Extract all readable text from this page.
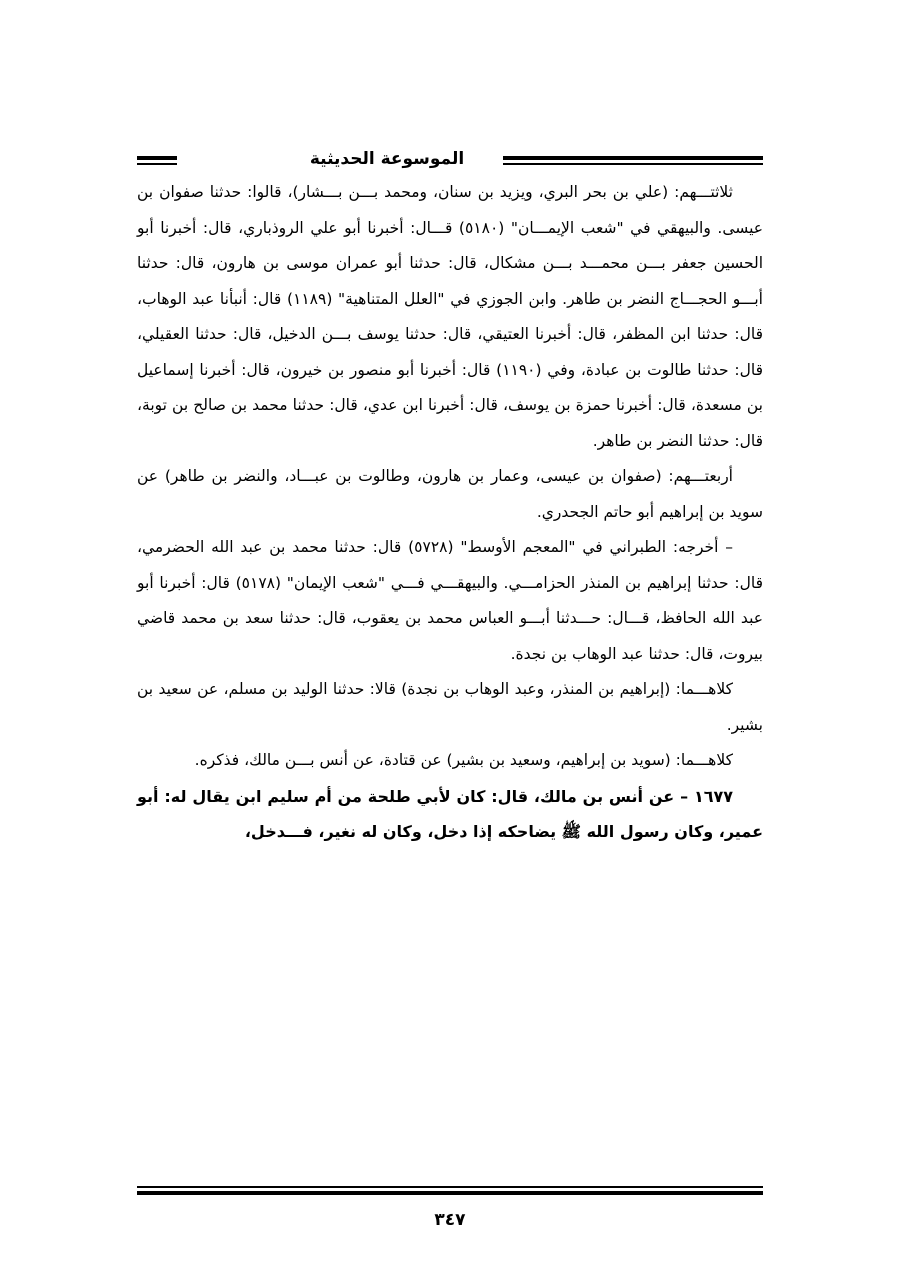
الموسوعة الحديثية

ثلاثتـــهم: (علي بن بحر البري، ويزيد بن سنان، ومحمد بـــن بـــشار)، قالوا: حدثنا صفوان بن عيسى. والبيهقي في "شعب الإيمـــان" (٥١٨٠) قـــال: أخبرنا أبو علي الروذباري، قال: أخبرنا أبو الحسين جعفر بـــن محمـــد بـــن مشكال، قال: حدثنا أبو عمران موسى بن هارون، قال: حدثنا أبـــو الحجـــاج النضر بن طاهر. وابن الجوزي في "العلل المتناهية" (١١٨٩) قال: أنبأنا عبد الوهاب، قال: حدثنا ابن المظفر، قال: أخبرنا العتيقي، قال: حدثنا يوسف بـــن الدخيل، قال: حدثنا العقيلي، قال: حدثنا طالوت بن عبادة، وفي (١١٩٠) قال: أخبرنا أبو منصور بن خيرون، قال: أخبرنا إسماعيل بن مسعدة، قال: أخبرنا حمزة بن يوسف، قال: أخبرنا ابن عدي، قال: حدثنا محمد بن صالح بن توبة، قال: حدثنا النضر بن طاهر.

أربعتـــهم: (صفوان بن عيسى، وعمار بن هارون، وطالوت بن عبـــاد، والنضر بن طاهر) عن سويد بن إبراهيم أبو حاتم الجحدري.

– أخرجه: الطبراني في "المعجم الأوسط" (٥٧٢٨) قال: حدثنا محمد بن عبد الله الحضرمي، قال: حدثنا إبراهيم بن المنذر الحزامـــي. والبيهقـــي فـــي "شعب الإيمان" (٥١٧٨) قال: أخبرنا أبو عبد الله الحافظ، قـــال: حـــدثنا أبـــو العباس محمد بن يعقوب، قال: حدثنا سعد بن محمد قاضي بيروت، قال: حدثنا عبد الوهاب بن نجدة.

كلاهـــما: (إبراهيم بن المنذر، وعبد الوهاب بن نجدة) قالا: حدثنا الوليد بن مسلم، عن سعيد بن بشير.

كلاهـــما: (سويد بن إبراهيم، وسعيد بن بشير) عن قتادة، عن أنس بـــن مالك، فذكره.

١٦٧٧ – عن أنس بن مالك، قال: كان لأبي طلحة من أم سليم ابن يقال له: أبو عمير، وكان رسول الله ﷺ يضاحكه إذا دخل، وكان له نغير، فـــدخل،

٣٤٧
